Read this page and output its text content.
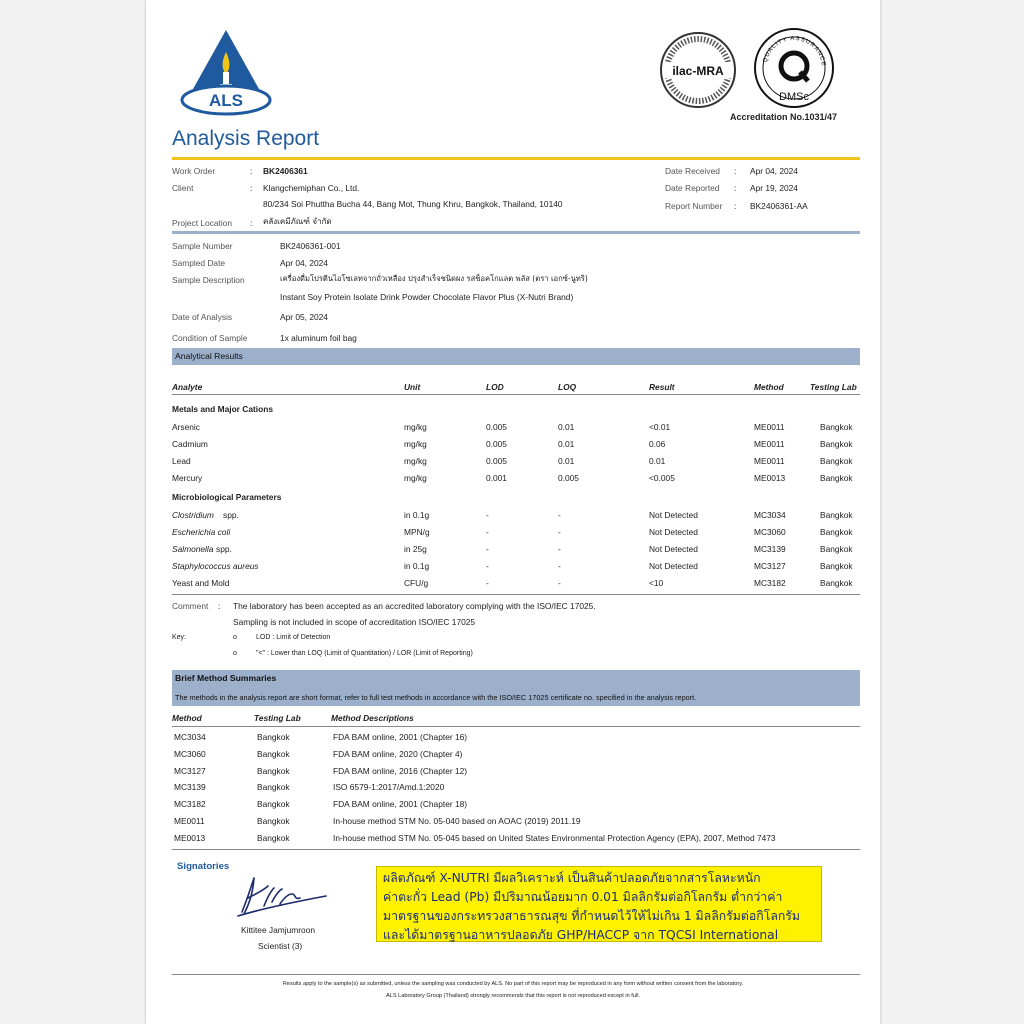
ALS
ilac-MRA
QUALITY ASSURANCE
DMSc
Accreditation No.1031/47
Analysis Report
Work Order	: BK2406361
Client	: Klangchemiphan Co., Ltd.
80/234 Soi Phuttha Bucha 44, Bang Mot, Thung Khru, Bangkok, Thailand, 10140
Project Location : คลังเคมีภัณฑ์ จำกัด
Date Received : Apr 04, 2024
Date Reported : Apr 19, 2024
Report Number : BK2406361-AA
Sample Number	BK2406361-001
Sampled Date	Apr 04, 2024
Sample Description	เครื่องดื่มโปรตีนไอโซเลทจากถั่วเหลือง ปรุงสำเร็จชนิดผง รสช็อคโกแลต พลัส (ตรา เอกซ์-นูทริ)
Instant Soy Protein Isolate Drink Powder Chocolate Flavor Plus (X-Nutri Brand)
Date of Analysis	Apr 05, 2024
Condition of Sample	1x aluminum foil bag
Analytical Results
Analyte	Unit	LOD	LOQ	Result	Method	Testing Lab
Metals and Major Cations
Arsenic	mg/kg	0.005	0.01	<0.01	ME0011	Bangkok
Cadmium	mg/kg	0.005	0.01	0.06	ME0011	Bangkok
Lead	mg/kg	0.005	0.01	0.01	ME0011	Bangkok
Mercury	mg/kg	0.001	0.005	<0.005	ME0013	Bangkok
Microbiological Parameters
Clostridium spp.	in 0.1g	-	-	Not Detected	MC3034	Bangkok
Escherichia coli	MPN/g	-	-	Not Detected	MC3060	Bangkok
Salmonella spp.	in 25g	-	-	Not Detected	MC3139	Bangkok
Staphylococcus aureus	in 0.1g	-	-	Not Detected	MC3127	Bangkok
Yeast and Mold	CFU/g	-	-	<10	MC3182	Bangkok
Comment : The laboratory has been accepted as an accredited laboratory complying with the ISO/IEC 17025.
Sampling is not included in scope of accreditation ISO/IEC 17025
Key:	o	LOD : Limit of Detection
o	"<" : Lower than LOQ (Limit of Quantitation) / LOR (Limit of Reporting)
Brief Method Summaries
The methods in the analysis report are short format, refer to full test methods in accordance with the ISO/IEC 17025 certificate no. specified in the analysis report.
Method	Testing Lab	Method Descriptions
MC3034	Bangkok	FDA BAM online, 2001 (Chapter 16)
MC3060	Bangkok	FDA BAM online, 2020 (Chapter 4)
MC3127	Bangkok	FDA BAM online, 2016 (Chapter 12)
MC3139	Bangkok	ISO 6579-1:2017/Amd.1:2020
MC3182	Bangkok	FDA BAM online, 2001 (Chapter 18)
ME0011	Bangkok	In-house method STM No. 05-040 based on AOAC (2019) 2011.19
ME0013	Bangkok	In-house method STM No. 05-045 based on United States Environmental Protection Agency (EPA), 2007, Method 7473
Signatories
Kittitee Jamjumroon
Scientist (3)
ผลิตภัณฑ์ X-NUTRI มีผลวิเคราะห์ เป็นสินค้าปลอดภัยจากสารโลหะหนัก
ค่าตะกั่ว Lead (Pb) มีปริมาณน้อยมาก 0.01 มิลลิกรัมต่อกิโลกรัม ต่ำกว่าค่า
มาตรฐานของกระทรวงสาธารณสุข ที่กำหนดไว้ให้ไม่เกิน 1 มิลลิกรัมต่อกิโลกรัม
และได้มาตรฐานอาหารปลอดภัย GHP/HACCP จาก TQCSI International
Results apply to the sample(s) as submitted, unless the sampling was conducted by ALS. No part of this report may be reproduced in any form without written consent from the laboratory.
ALS Laboratory Group (Thailand) strongly recommends that this report is not reproduced except in full.
